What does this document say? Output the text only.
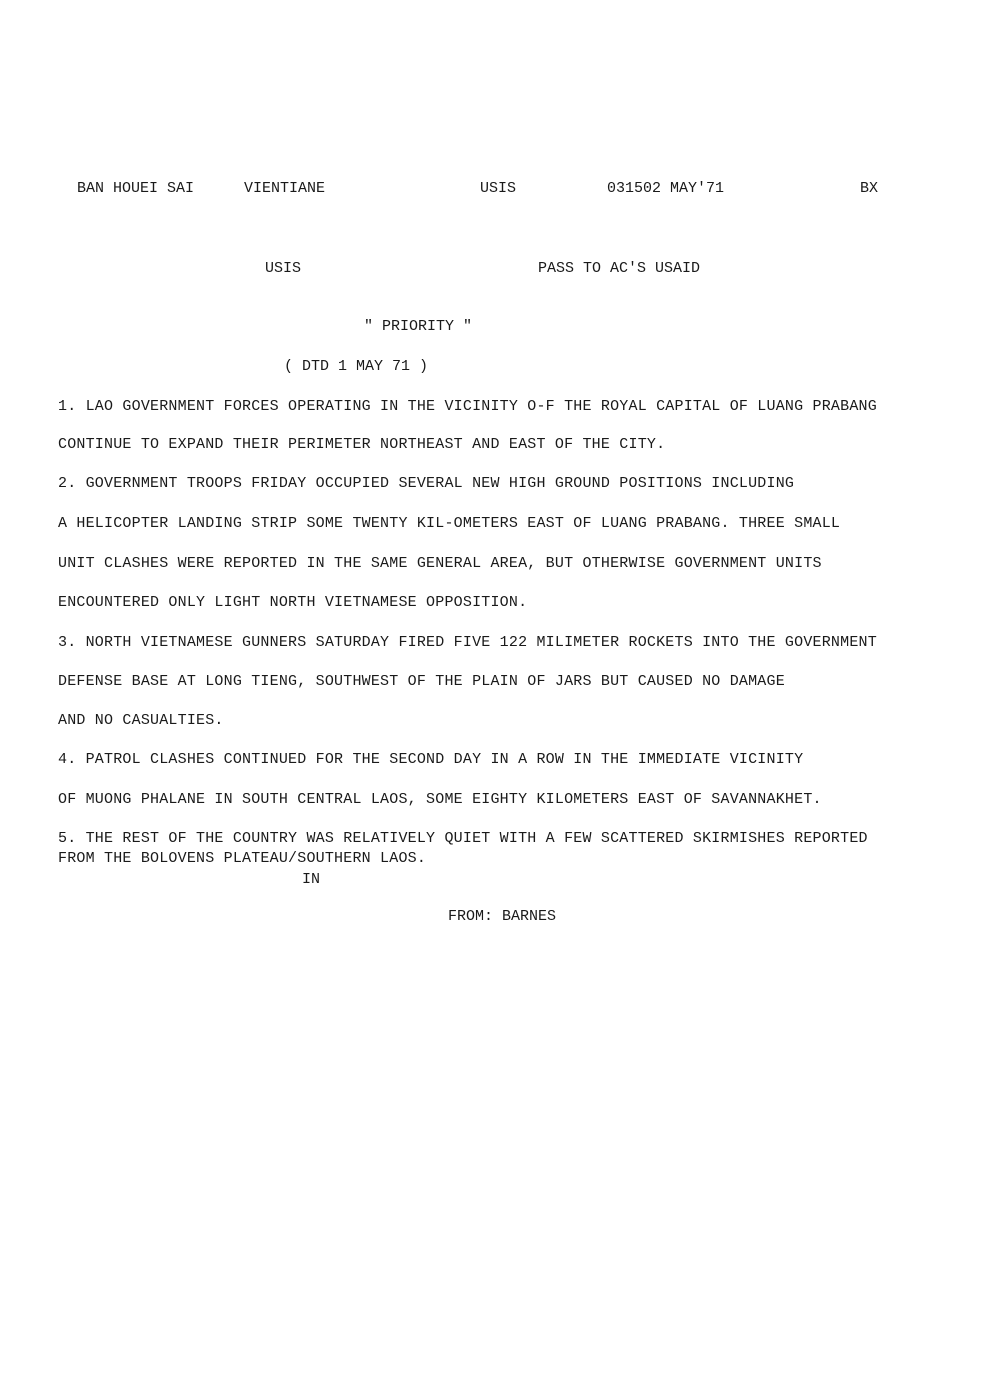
BAN HOUEI SAI	VIENTIANE	USIS	031502 MAY'71	BX
USIS	PASS TO AC'S USAID
" PRIORITY "
( DTD 1 MAY 71 )
1. LAO GOVERNMENT FORCES OPERATING IN THE VICINITY O-F THE ROYAL CAPITAL OF LUANG PRABANG
CONTINUE TO EXPAND THEIR PERIMETER NORTHEAST AND EAST OF THE CITY.
2. GOVERNMENT TROOPS FRIDAY OCCUPIED SEVERAL NEW HIGH GROUND POSITIONS INCLUDING
A HELICOPTER LANDING STRIP SOME TWENTY KIL-OMETERS EAST OF LUANG PRABANG. THREE SMALL
UNIT CLASHES WERE REPORTED IN THE SAME GENERAL AREA, BUT OTHERWISE GOVERNMENT UNITS
ENCOUNTERED ONLY LIGHT NORTH VIETNAMESE OPPOSITION.
3. NORTH VIETNAMESE GUNNERS SATURDAY FIRED FIVE 122 MILIMETER ROCKETS INTO THE GOVERNMENT
DEFENSE BASE AT LONG TIENG, SOUTHWEST OF THE PLAIN OF JARS BUT CAUSED NO DAMAGE
AND NO CASUALTIES.
4. PATROL CLASHES CONTINUED FOR THE SECOND DAY IN A ROW IN THE IMMEDIATE VICINITY
OF MUONG PHALANE IN SOUTH CENTRAL LAOS, SOME EIGHTY KILOMETERS EAST OF SAVANNAKHET.
5. THE REST OF THE COUNTRY WAS RELATIVELY QUIET WITH A FEW SCATTERED SKIRMISHES REPORTED
FROM THE BOLOVENS PLATEAU/SOUTHERN LAOS.
IN
FROM: BARNES
